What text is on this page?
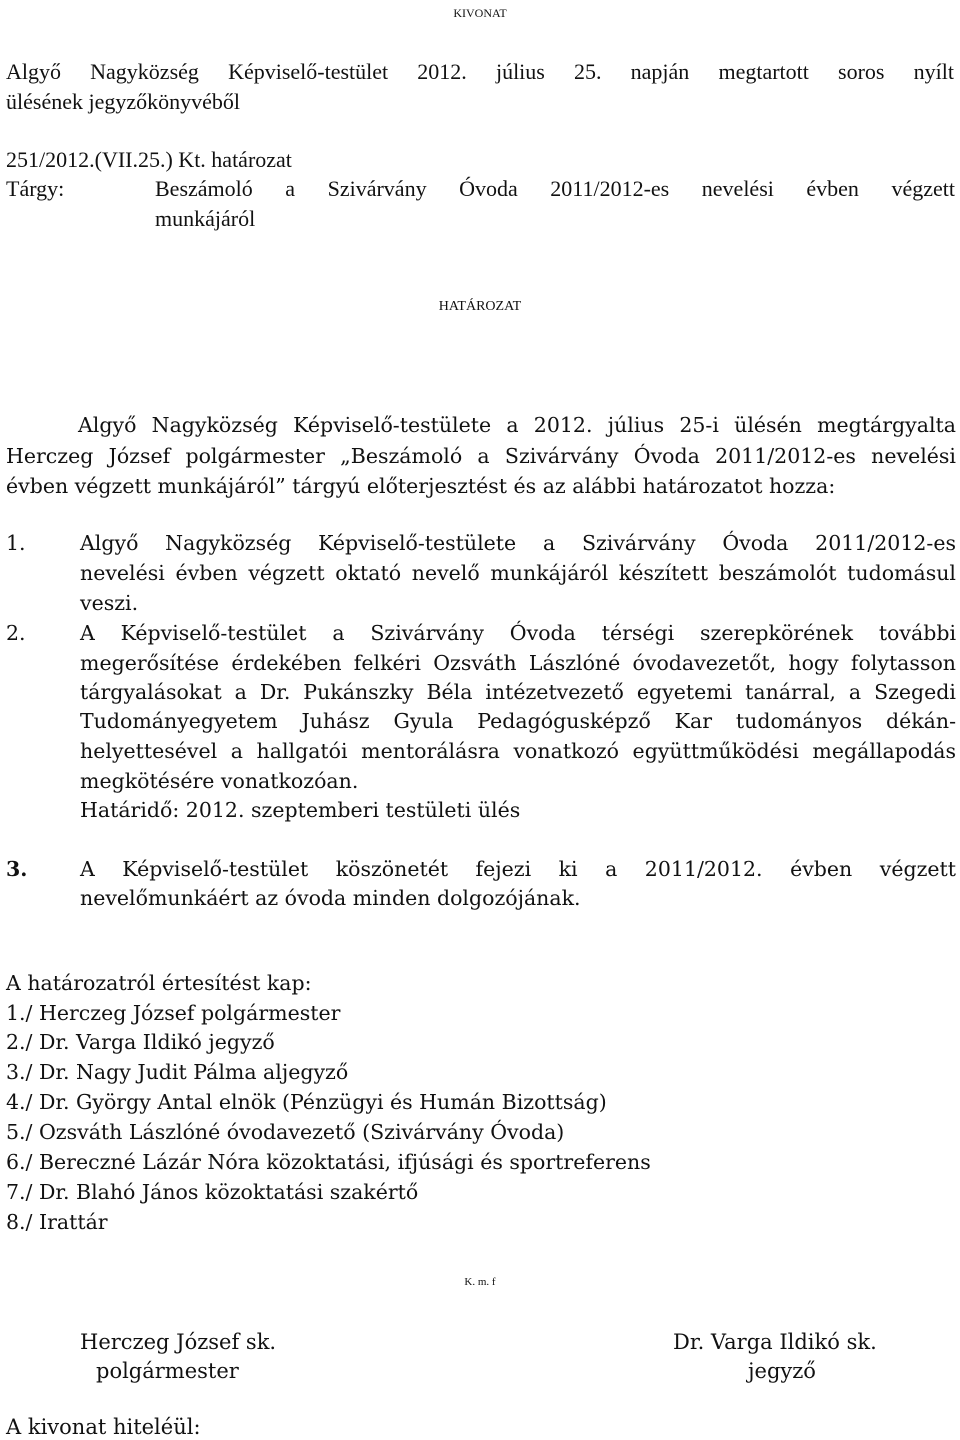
KIVONAT
Algyő Nagyközség Képviselő-testület 2012. július 25. napján megtartott soros nyílt
ülésének jegyzőkönyvéből
251/2012.(VII.25.) Kt. határozat
Tárgy:	Beszámoló a Szivárvány Óvoda 2011/2012-es nevelési évben végzett
munkájáról
HATÁROZAT
Algyő Nagyközség Képviselő-testülete a 2012. július 25-i ülésén megtárgyalta
Herczeg József polgármester „Beszámoló a Szivárvány Óvoda 2011/2012-es nevelési
évben végzett munkájáról” tárgyú előterjesztést és az alábbi határozatot hozza:
1.	Algyő Nagyközség Képviselő-testülete a Szivárvány Óvoda 2011/2012-es
nevelési évben végzett oktató nevelő munkájáról készített beszámolót tudomásul
veszi.
2.	A Képviselő-testület a Szivárvány Óvoda térségi szerepkörének további
megerősítése érdekében felkéri Ozsváth Lászlóné óvodavezetőt, hogy folytasson
tárgyalásokat a Dr. Pukánszky Béla intézetvezető egyetemi tanárral, a Szegedi
Tudományegyetem Juhász Gyula Pedagógusképző Kar tudományos dékán-
helyettesével a hallgatói mentorálásra vonatkozó együttműködési megállapodás
megkötésére vonatkozóan.
Határidő: 2012. szeptemberi testületi ülés
3.	A Képviselő-testület köszönetét fejezi ki a 2011/2012. évben végzett
nevelőmunkáért az óvoda minden dolgozójának.
A határozatról értesítést kap:
1./ Herczeg József polgármester
2./ Dr. Varga Ildikó jegyző
3./ Dr. Nagy Judit Pálma aljegyző
4./ Dr. György Antal elnök (Pénzügyi és Humán Bizottság)
5./ Ozsváth Lászlóné óvodavezető (Szivárvány Óvoda)
6./ Bereczné Lázár Nóra közoktatási, ifjúsági és sportreferens
7./ Dr. Blahó János közoktatási szakértő
8./ Irattár
K. m. f
Herczeg József sk.
polgármester
Dr. Varga Ildikó sk.
jegyző
A kivonat hiteléül:
